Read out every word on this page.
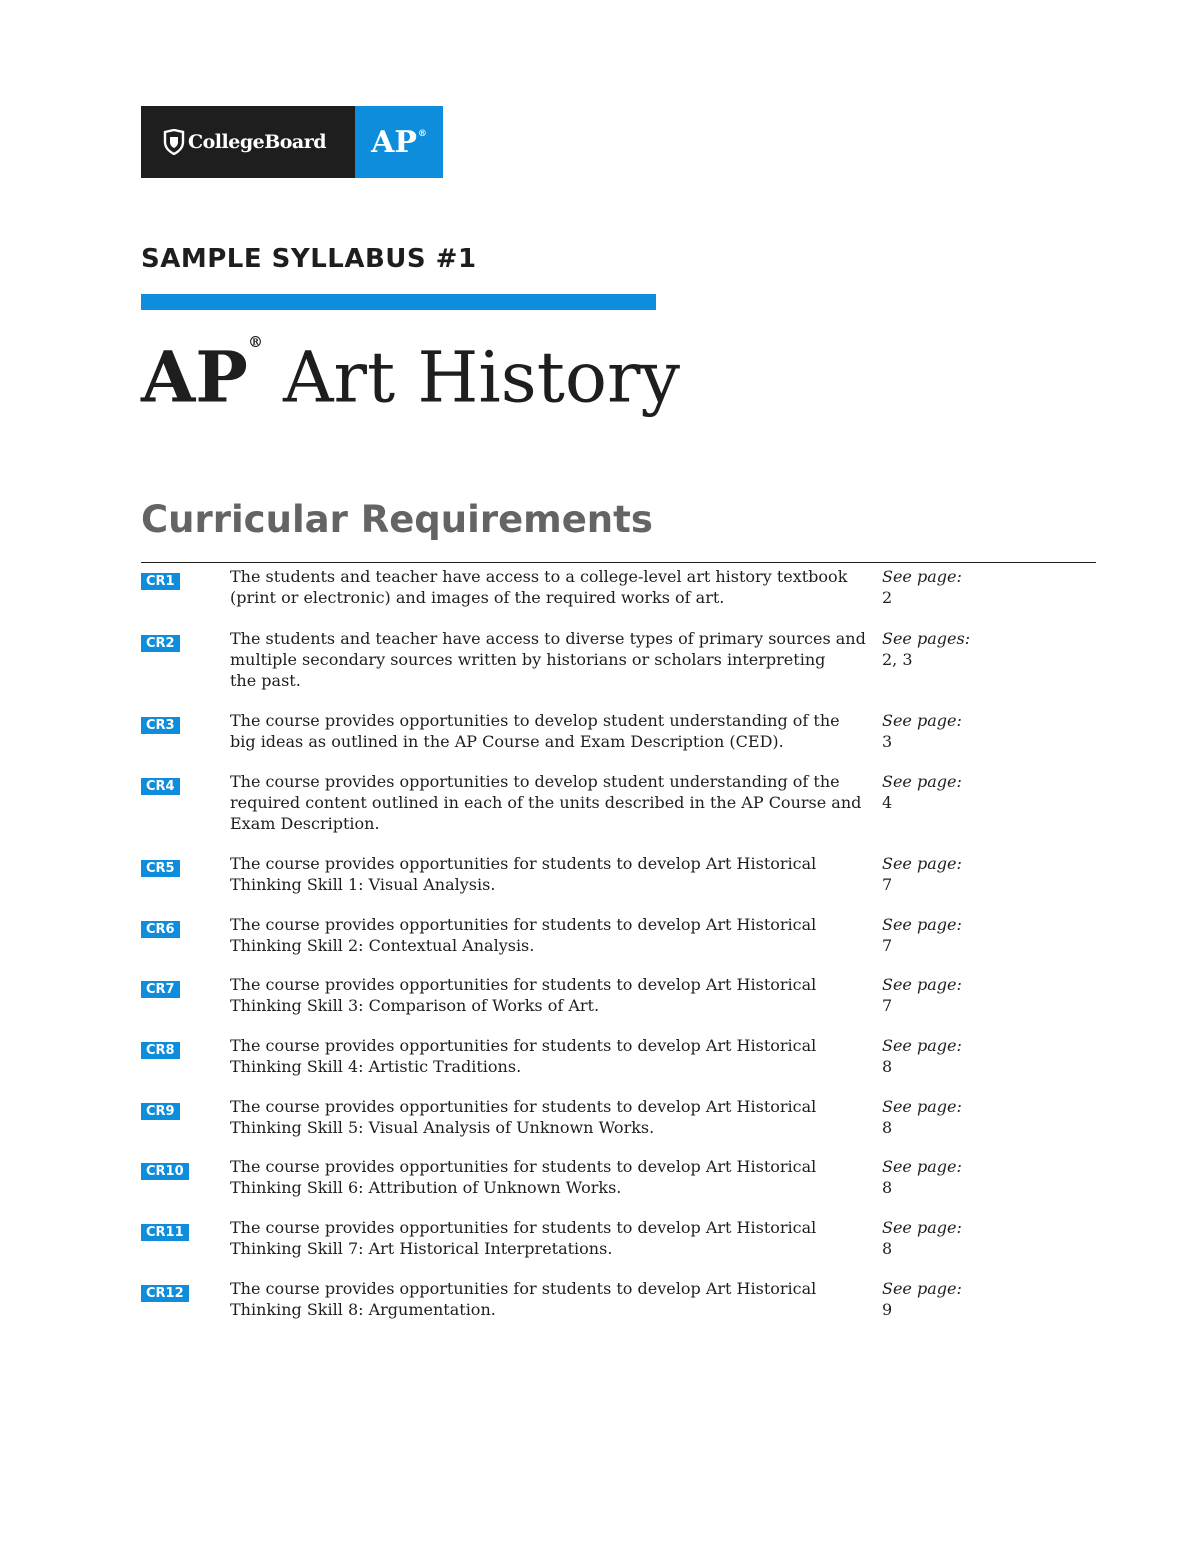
CollegeBoard AP®
SAMPLE SYLLABUS #1
AP® Art History
Curricular Requirements
CR1	The students and teacher have access to a college-level art history textbook
(print or electronic) and images of the required works of art.
See page:
2
CR2	The students and teacher have access to diverse types of primary sources and
multiple secondary sources written by historians or scholars interpreting
the past.
See pages:
2, 3
CR3	The course provides opportunities to develop student understanding of the
big ideas as outlined in the AP Course and Exam Description (CED).
See page:
3
CR4	The course provides opportunities to develop student understanding of the
required content outlined in each of the units described in the AP Course and
Exam Description.
See page:
4
CR5	The course provides opportunities for students to develop Art Historical
Thinking Skill 1: Visual Analysis.
See page:
7
CR6	The course provides opportunities for students to develop Art Historical
Thinking Skill 2: Contextual Analysis.
See page:
7
CR7	The course provides opportunities for students to develop Art Historical
Thinking Skill 3: Comparison of Works of Art.
See page:
7
CR8	The course provides opportunities for students to develop Art Historical
Thinking Skill 4: Artistic Traditions.
See page:
8
CR9	The course provides opportunities for students to develop Art Historical
Thinking Skill 5: Visual Analysis of Unknown Works.
See page:
8
CR10	The course provides opportunities for students to develop Art Historical
Thinking Skill 6: Attribution of Unknown Works.
See page:
8
CR11	The course provides opportunities for students to develop Art Historical
Thinking Skill 7: Art Historical Interpretations.
See page:
8
CR12	The course provides opportunities for students to develop Art Historical
Thinking Skill 8: Argumentation.
See page:
9
